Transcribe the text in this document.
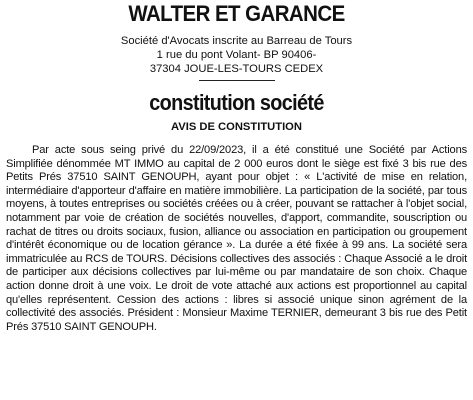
WALTER ET GARANCE
Société d'Avocats inscrite au Barreau de Tours
1 rue du pont Volant- BP 90406-
37304 JOUE-LES-TOURS CEDEX
constitution société
AVIS DE CONSTITUTION

Par acte sous seing privé du 22/09/2023, il a été constitué une Société par Actions Simplifiée dénommée MT IMMO au capital de 2 000 euros dont le siège est fixé 3 bis rue des Petits Prés 37510 SAINT GENOUPH, ayant pour objet : « L'activité de mise en relation, intermédiaire d'apporteur d'affaire en matière immobilière. La participation de la société, par tous moyens, à toutes entreprises ou sociétés créées ou à créer, pouvant se rattacher à l'objet social, notamment par voie de création de sociétés nouvelles, d'apport, commandite, souscription ou rachat de titres ou droits sociaux, fusion, alliance ou association en participation ou groupement d'intérêt économique ou de location gérance ». La durée a été fixée à 99 ans. La société sera immatriculée au RCS de TOURS. Décisions collectives des associés : Chaque Associé a le droit de participer aux décisions collectives par lui-même ou par mandataire de son choix. Chaque action donne droit à une voix. Le droit de vote attaché aux actions est proportionnel au capital qu'elles représentent. Cession des actions : libres si associé unique sinon agrément de la collectivité des associés. Président : Monsieur Maxime TERNIER, demeurant 3 bis rue des Petit Prés 37510 SAINT GENOUPH.
